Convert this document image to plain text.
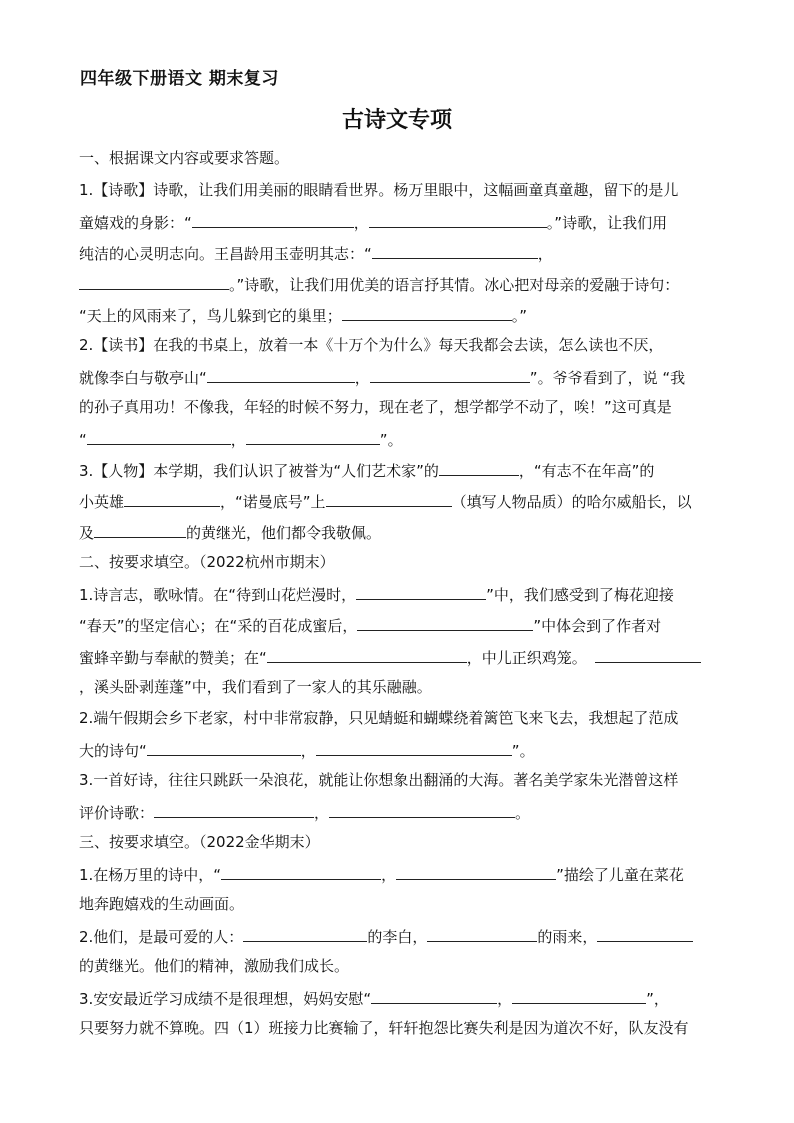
四年级下册语文 期末复习
古诗文专项
一、根据课文内容或要求答题。
1.【诗歌】诗歌，让我们用美丽的眼睛看世界。杨万里眼中，这幅画童真童趣，留下的是儿
童嬉戏的身影：“	，	。”诗歌，让我们用
纯洁的心灵明志向。王昌龄用玉壶明其志：“	，
。”诗歌，让我们用优美的语言抒其情。冰心把对母亲的爱融于诗句：
“天上的风雨来了，鸟儿躲到它的巢里；	。”
2.【读书】在我的书桌上，放着一本《十万个为什么》每天我都会去读，怎么读也不厌，
就像李白与敬亭山“	，	”。爷爷看到了，说 “我
的孙子真用功！不像我，年轻的时候不努力，现在老了，想学都学不动了，唉！”这可真是
“	，	”。
3.【人物】本学期，我们认识了被誉为“人们艺术家”的	，“有志不在年高”的
小英雄	，“诺曼底号”上	（填写人物品质）的哈尔威船长，以
及	的黄继光，他们都令我敬佩。
二、按要求填空。（2022杭州市期末）
1.诗言志，歌咏情。在“待到山花烂漫时，	”中，我们感受到了梅花迎接
“春天”的坚定信心；在“采的百花成蜜后，	”中体会到了作者对
蜜蜂辛勤与奉献的赞美；在“	，中儿正织鸡笼。
，溪头卧剥莲蓬”中，我们看到了一家人的其乐融融。
2.端午假期会乡下老家，村中非常寂静，只见蜻蜓和蝴蝶绕着篱笆飞来飞去，我想起了范成
大的诗句“	，	”。
3.一首好诗，往往只跳跃一朵浪花，就能让你想象出翻涌的大海。著名美学家朱光潜曾这样
评价诗歌：	，	。
三、按要求填空。（2022金华期末）
1.在杨万里的诗中，“	，	”描绘了儿童在菜花
地奔跑嬉戏的生动画面。
2.他们，是最可爱的人：	的李白，	的雨来，
的黄继光。他们的精神，激励我们成长。
3.安安最近学习成绩不是很理想，妈妈安慰“	，	”，
只要努力就不算晚。四（1）班接力比赛输了，轩轩抱怨比赛失利是因为道次不好，队友没有
